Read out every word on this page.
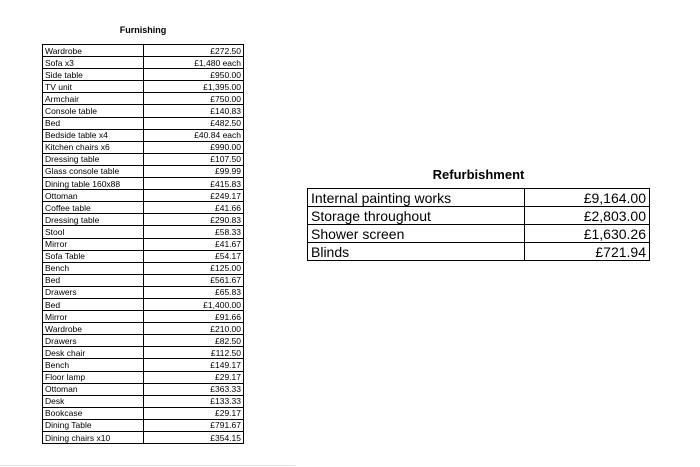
Furnishing
Wardrobe	£272.50
Sofa x3	£1,480 each
Side table	£950.00
TV unit	£1,395.00
Armchair	£750.00
Console table	£140.83
Bed	£482.50
Bedside table x4	£40.84 each
Kitchen chairs x6	£990.00
Dressing table	£107.50
Glass console table	£99.99
Dining table 160x88	£415.83
Ottoman	£249.17
Coffee table	£41.66
Dressing table	£290.83
Stool	£58.33
Mirror	£41.67
Sofa Table	£54.17
Bench	£125.00
Bed	£561.67
Drawers	£65.83
Bed	£1,400.00
Mirror	£91.66
Wardrobe	£210.00
Drawers	£82.50
Desk chair	£112.50
Bench	£149.17
Floor lamp	£29.17
Ottoman	£363.33
Desk	£133.33
Bookcase	£29.17
Dining Table	£791.67
Dining chairs x10	£354.15
Refurbishment
Internal painting works	£9,164.00
Storage throughout	£2,803.00
Shower screen	£1,630.26
Blinds	£721.94
